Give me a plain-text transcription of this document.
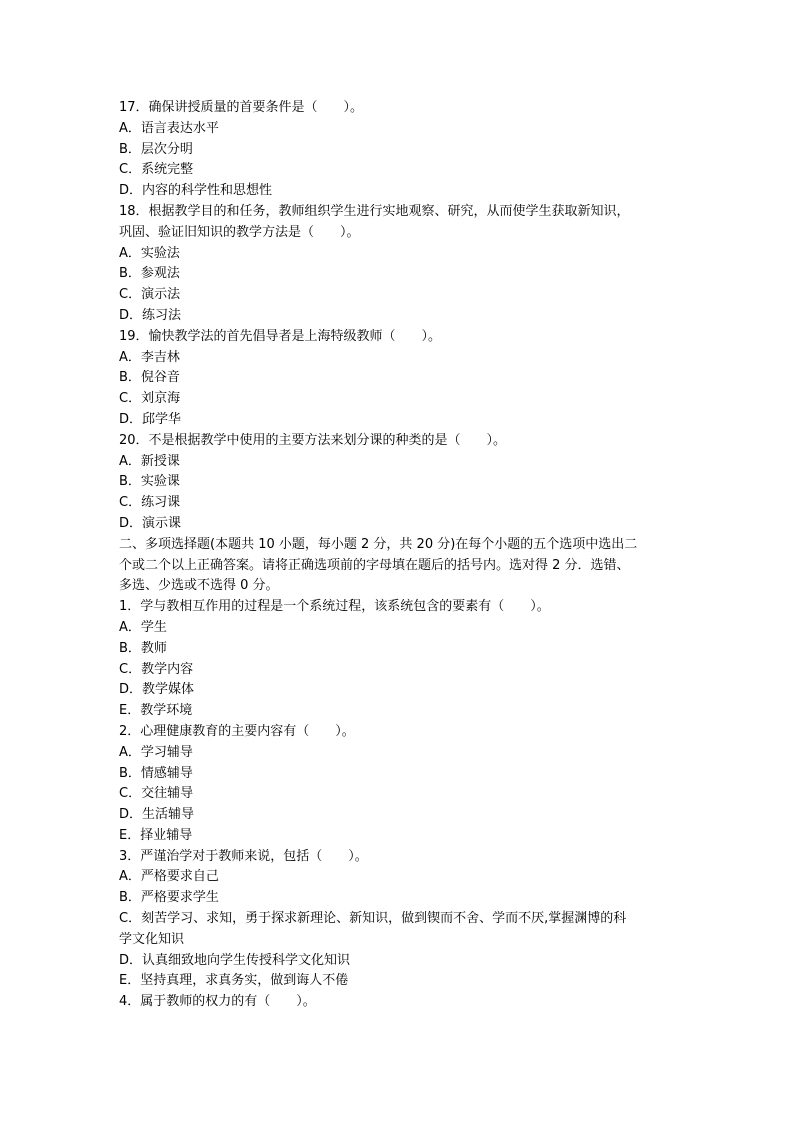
17．确保讲授质量的首要条件是（　　）。

A．语言表达水平

B．层次分明

C．系统完整

D．内容的科学性和思想性

18．根据教学目的和任务，教师组织学生进行实地观察、研究，从而使学生获取新知识，

巩固、验证旧知识的教学方法是（　　）。

A．实验法

B．参观法

C．演示法

D．练习法

19．愉快教学法的首先倡导者是上海特级教师（　　）。

A．李吉林

B．倪谷音

C．刘京海

D．邱学华

20．不是根据教学中使用的主要方法来划分课的种类的是（　　）。

A．新授课

B．实验课

C．练习课

D．演示课

二、多项选择题(本题共 10 小题，每小题 2 分，共 20 分)在每个小题的五个选项中选出二

个或二个以上正确答案。请将正确选项前的字母填在题后的括号内。选对得 2 分．选错、

多选、少选或不选得 0 分。

1．学与教相互作用的过程是一个系统过程，该系统包含的要素有（　　）。

A．学生

B．教师

C．教学内容

D．教学媒体

E．教学环境

2．心理健康教育的主要内容有（　　）。

A．学习辅导

B．情感辅导

C．交往辅导

D．生活辅导

E．择业辅导

3．严谨治学对于教师来说，包括（　　）。

A．严格要求自己

B．严格要求学生

C．刻苦学习、求知，勇于探求新理论、新知识，做到锲而不舍、学而不厌,掌握渊博的科

学文化知识

D．认真细致地向学生传授科学文化知识

E．坚持真理，求真务实，做到诲人不倦

4．属于教师的权力的有（　　）。
